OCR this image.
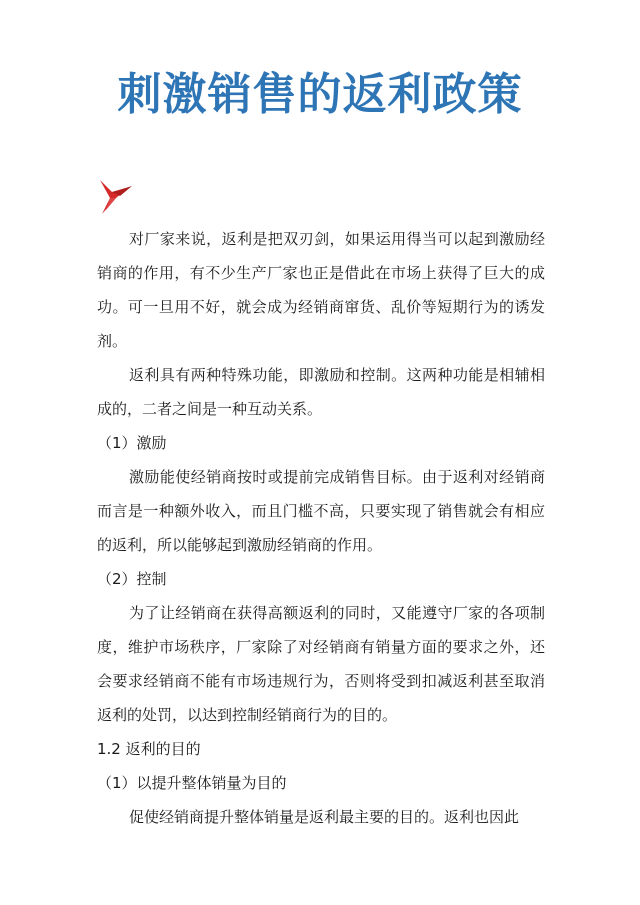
刺激销售的返利政策

对厂家来说，返利是把双刃剑，如果运用得当可以起到激励经销商的作用，有不少生产厂家也正是借此在市场上获得了巨大的成功。可一旦用不好，就会成为经销商窜货、乱价等短期行为的诱发剂。

返利具有两种特殊功能，即激励和控制。这两种功能是相辅相成的，二者之间是一种互动关系。

（1）激励

激励能使经销商按时或提前完成销售目标。由于返利对经销商而言是一种额外收入，而且门槛不高，只要实现了销售就会有相应的返利，所以能够起到激励经销商的作用。

（2）控制

为了让经销商在获得高额返利的同时，又能遵守厂家的各项制度，维护市场秩序，厂家除了对经销商有销量方面的要求之外，还会要求经销商不能有市场违规行为，否则将受到扣减返利甚至取消返利的处罚，以达到控制经销商行为的目的。

1.2 返利的目的

（1）以提升整体销量为目的

促使经销商提升整体销量是返利最主要的目的。返利也因此
